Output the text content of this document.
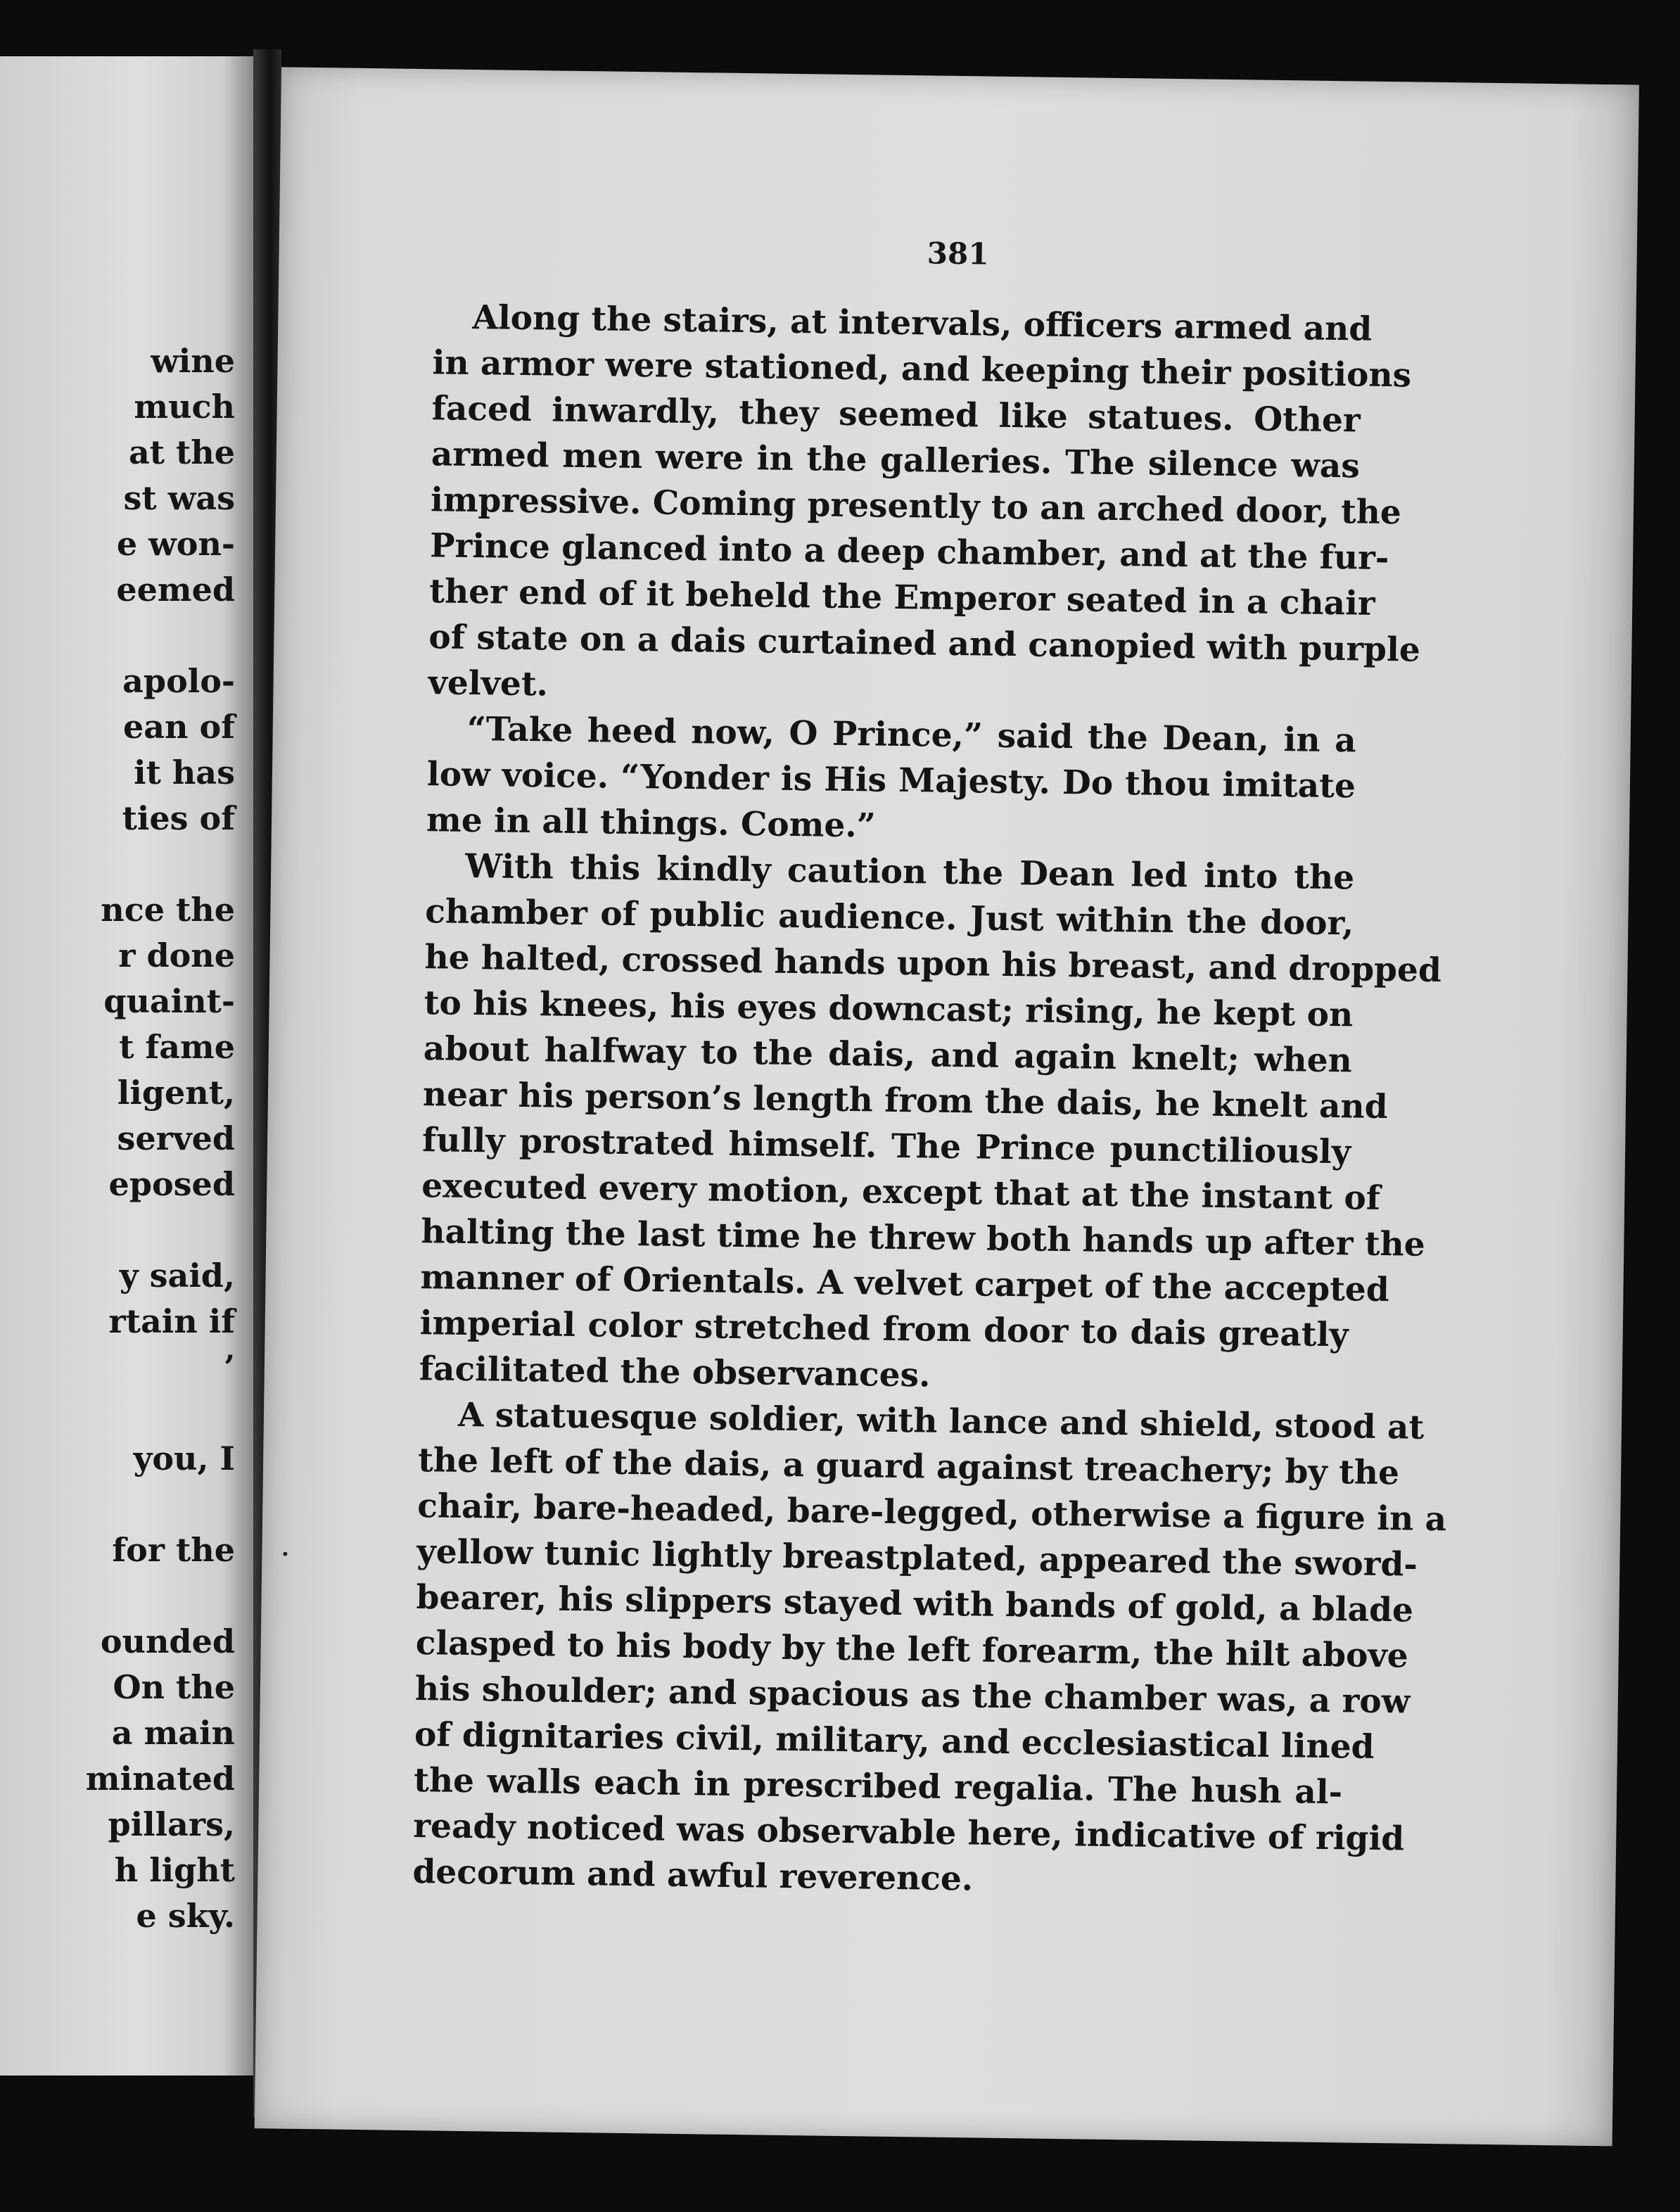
wine
much
at the
st was
e won-
eemed
apolo-
ean of
it has
ties of
nce the
r done
quaint-
t fame
ligent,
served
eposed
y said,
rtain if
’
you, I
for the
ounded
On the
a main
minated
pillars,
h light
e sky.
381
Along the stairs, at intervals, officers armed and
in armor were stationed, and keeping their positions
faced inwardly, they seemed like statues. Other
armed men were in the galleries. The silence was
impressive. Coming presently to an arched door, the
Prince glanced into a deep chamber, and at the fur-
ther end of it beheld the Emperor seated in a chair
of state on a dais curtained and canopied with purple
velvet.
“Take heed now, O Prince,” said the Dean, in a
low voice. “Yonder is His Majesty. Do thou imitate
me in all things. Come.”
With this kindly caution the Dean led into the
chamber of public audience. Just within the door,
he halted, crossed hands upon his breast, and dropped
to his knees, his eyes downcast; rising, he kept on
about halfway to the dais, and again knelt; when
near his person’s length from the dais, he knelt and
fully prostrated himself. The Prince punctiliously
executed every motion, except that at the instant of
halting the last time he threw both hands up after the
manner of Orientals. A velvet carpet of the accepted
imperial color stretched from door to dais greatly
facilitated the observances.
A statuesque soldier, with lance and shield, stood at
the left of the dais, a guard against treachery; by the
chair, bare-headed, bare-legged, otherwise a figure in a
yellow tunic lightly breastplated, appeared the sword-
bearer, his slippers stayed with bands of gold, a blade
clasped to his body by the left forearm, the hilt above
his shoulder; and spacious as the chamber was, a row
of dignitaries civil, military, and ecclesiastical lined
the walls each in prescribed regalia. The hush al-
ready noticed was observable here, indicative of rigid
decorum and awful reverence.
